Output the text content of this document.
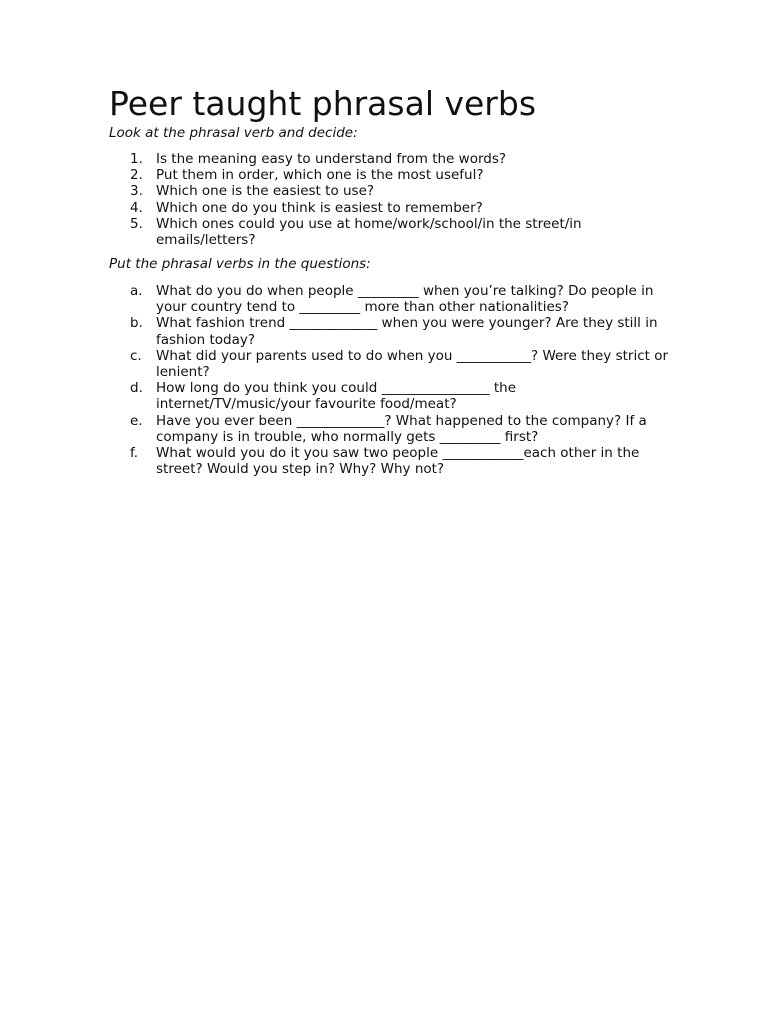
Peer taught phrasal verbs

Look at the phrasal verb and decide:

1. Is the meaning easy to understand from the words?
2. Put them in order, which one is the most useful?
3. Which one is the easiest to use?
4. Which one do you think is easiest to remember?
5. Which ones could you use at home/work/school/in the street/in emails/letters?

Put the phrasal verbs in the questions:

a. What do you do when people _________ when you’re talking? Do people in your country tend to _________ more than other nationalities?
b. What fashion trend _____________ when you were younger? Are they still in fashion today?
c.	What did your parents used to do when you ___________? Were they strict or lenient?
d. How long do you think you could ________________ the internet/TV/music/your favourite food/meat?
e. Have you ever been _____________? What happened to the company? If a company is in trouble, who normally gets _________ first?
f.	What would you do it you saw two people ____________each other in the street? Would you step in? Why? Why not?
